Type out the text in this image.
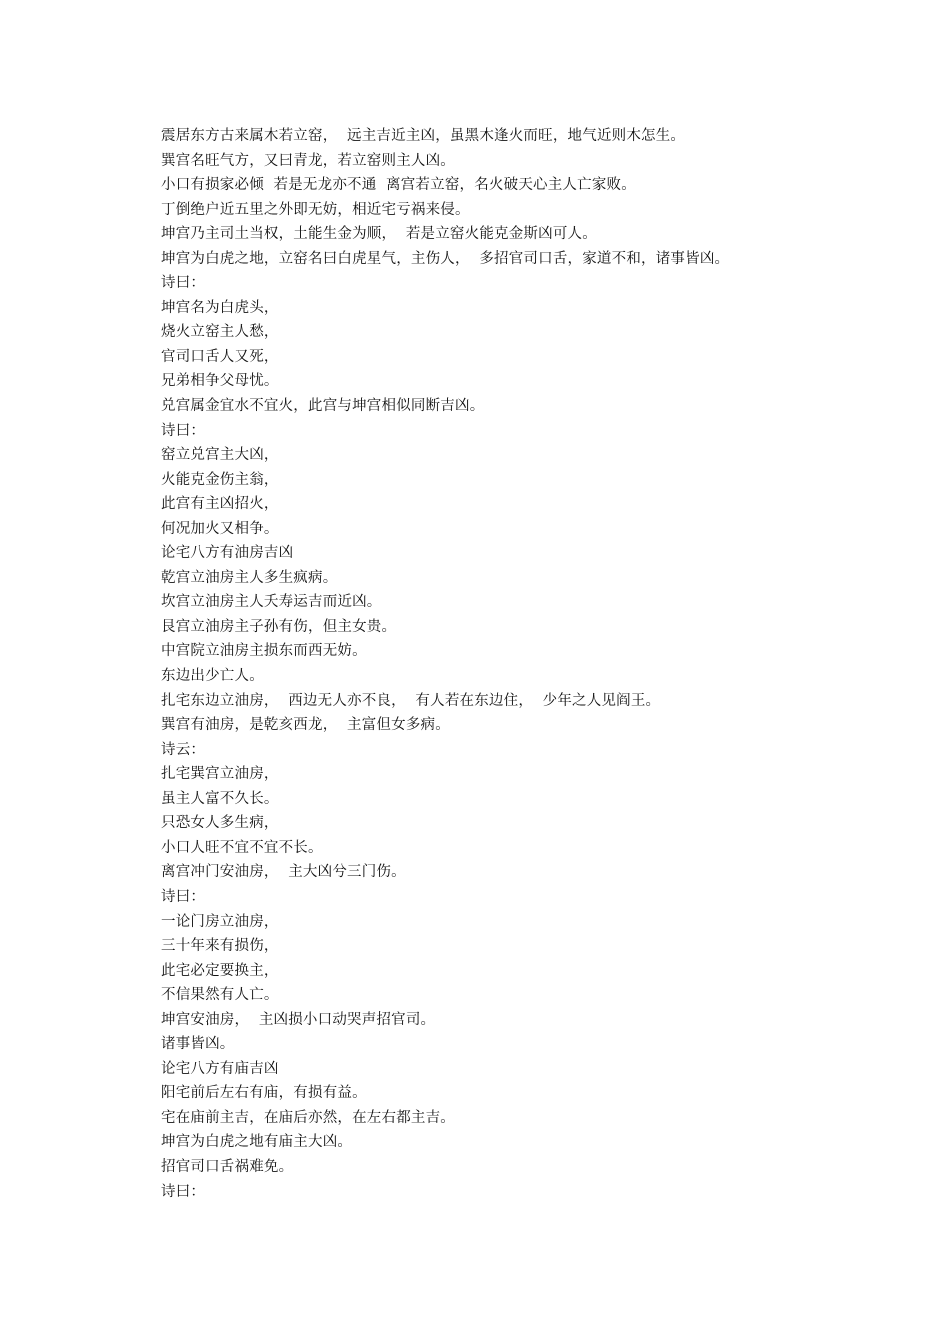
震居东方古来属木若立窑，  远主吉近主凶，虽黑木逢火而旺，地气近则木怎生。
巽宫名旺气方，又曰青龙，若立窑则主人凶。
小口有损家必倾  若是无龙亦不通  离宫若立窑，名火破天心主人亡家败。
丁倒绝户近五里之外即无妨，相近宅亏祸来侵。
坤宫乃主司土当权，土能生金为顺，  若是立窑火能克金斯凶可人。
坤宫为白虎之地，立窑名曰白虎星气，主伤人，  多招官司口舌，家道不和，诸事皆凶。
诗曰：
坤宫名为白虎头，
烧火立窑主人愁，
官司口舌人又死，
兄弟相争父母忧。
兑宫属金宜水不宜火，此宫与坤宫相似同断吉凶。
诗曰：
窑立兑宫主大凶，
火能克金伤主翁，
此宫有主凶招火，
何况加火又相争。
论宅八方有油房吉凶
乾宫立油房主人多生疯病。
坎宫立油房主人夭寿运吉而近凶。
艮宫立油房主子孙有伤，但主女贵。
中宫院立油房主损东而西无妨。
东边出少亡人。
扎宅东边立油房，  西边无人亦不良，  有人若在东边住，  少年之人见阎王。
巽宫有油房，是乾亥西龙，  主富但女多病。
诗云：
扎宅巽宫立油房，
虽主人富不久长。
只恐女人多生病，
小口人旺不宜不宜不长。
离宫冲门安油房，  主大凶兮三门伤。
诗曰：
一论门房立油房，
三十年来有损伤，
此宅必定要换主，
不信果然有人亡。
坤宫安油房，  主凶损小口动哭声招官司。
诸事皆凶。
论宅八方有庙吉凶
阳宅前后左右有庙，有损有益。
宅在庙前主吉，在庙后亦然，在左右都主吉。
坤宫为白虎之地有庙主大凶。
招官司口舌祸难免。
诗曰：
